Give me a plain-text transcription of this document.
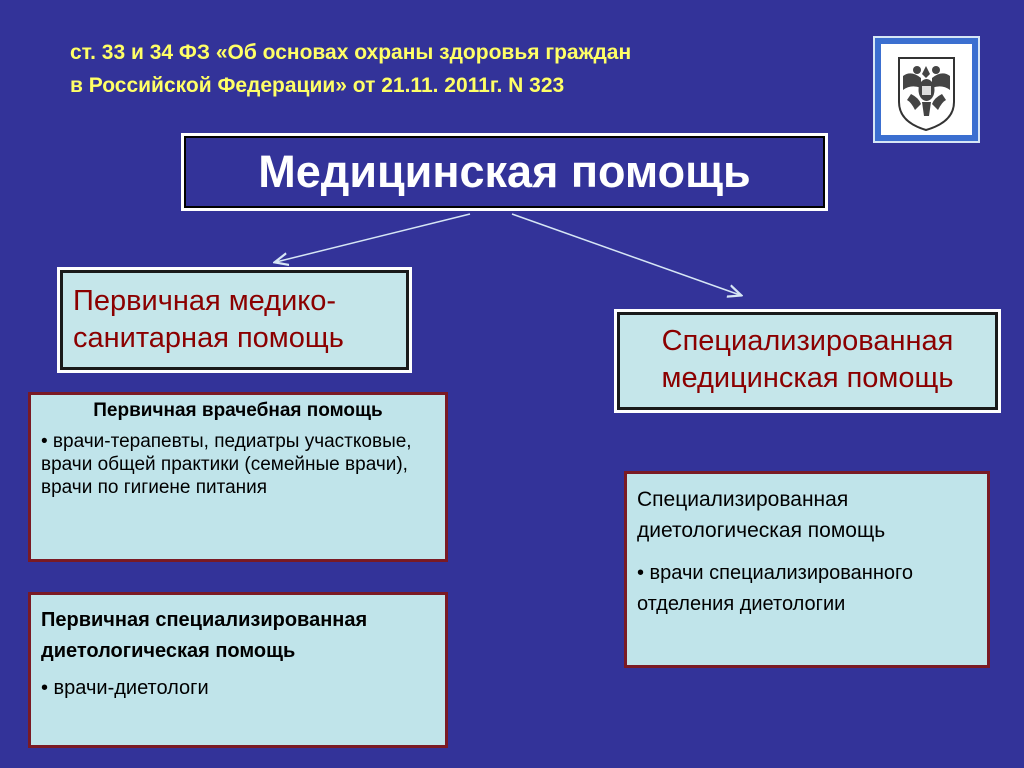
ст. 33 и 34 ФЗ «Об основах охраны здоровья граждан
в Российской Федерации» от 21.11. 2011г. N 323
Медицинская помощь
Первичная медико-санитарная помощь	Специализированная медицинская помощь
Первичная врачебная помощь
• врачи-терапевты, педиатры участковые, врачи общей практики (семейные врачи), врачи по гигиене питания
Первичная специализированная диетологическая помощь
• врачи-диетологи
Специализированная диетологическая помощь
• врачи специализированного отделения диетологии
